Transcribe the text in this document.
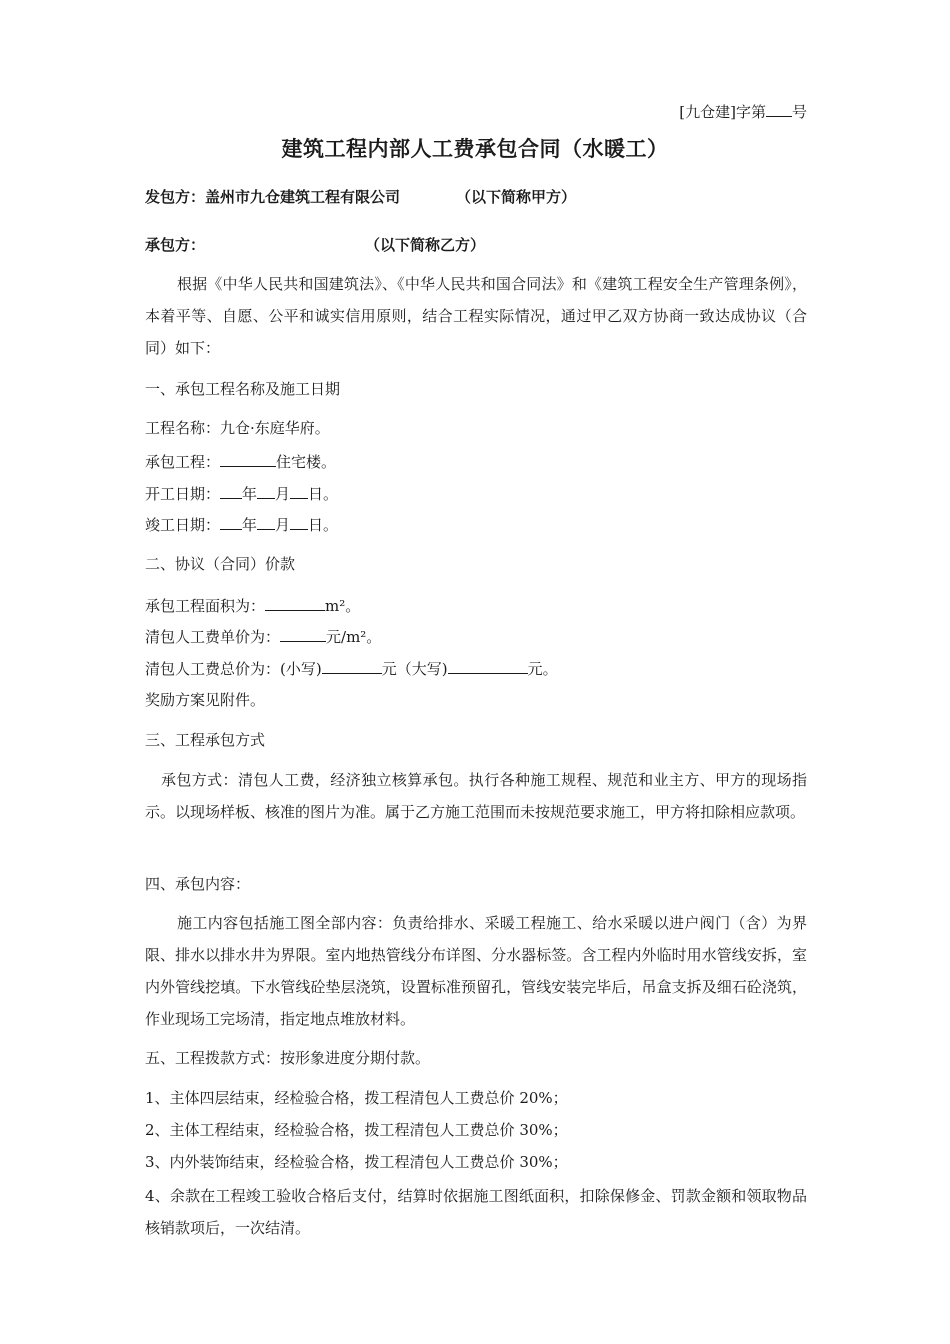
[九仓建]字第 号
建筑工程内部人工费承包合同（水暖工）
发包方：盖州市九仓建筑工程有限公司	（以下简称甲方）
承包方：	（以下简称乙方）
根据《中华人民共和国建筑法》、《中华人民共和国合同法》和《建筑工程安全生产管理条例》，本着平等、自愿、公平和诚实信用原则，结合工程实际情况，通过甲乙双方协商一致达成协议（合同）如下：
一、承包工程名称及施工日期
工程名称：九仓·东庭华府。
承包工程：	住宅楼。
开工日期： 年 月 日。
竣工日期： 年 月 日。
二、协议（合同）价款
承包工程面积为：	m²。
清包人工费单价为：	元/m²。
清包人工费总价为：(小写)	元（大写)	元。
奖励方案见附件。
三、工程承包方式
承包方式：清包人工费，经济独立核算承包。执行各种施工规程、规范和业主方、甲方的现场指示。以现场样板、核准的图片为准。属于乙方施工范围而未按规范要求施工，甲方将扣除相应款项。
四、承包内容：
施工内容包括施工图全部内容：负责给排水、采暖工程施工、给水采暖以进户阀门（含）为界限、排水以排水井为界限。室内地热管线分布详图、分水器标签。含工程内外临时用水管线安拆，室内外管线挖填。下水管线砼垫层浇筑，设置标准预留孔，管线安装完毕后，吊盒支拆及细石砼浇筑，作业现场工完场清，指定地点堆放材料。
五、工程拨款方式：按形象进度分期付款。
1、主体四层结束，经检验合格，拨工程清包人工费总价 20%；
2、主体工程结束，经检验合格，拨工程清包人工费总价 30%；
3、内外装饰结束，经检验合格，拨工程清包人工费总价 30%；
4、余款在工程竣工验收合格后支付，结算时依据施工图纸面积，扣除保修金、罚款金额和领取物品核销款项后，一次结清。
